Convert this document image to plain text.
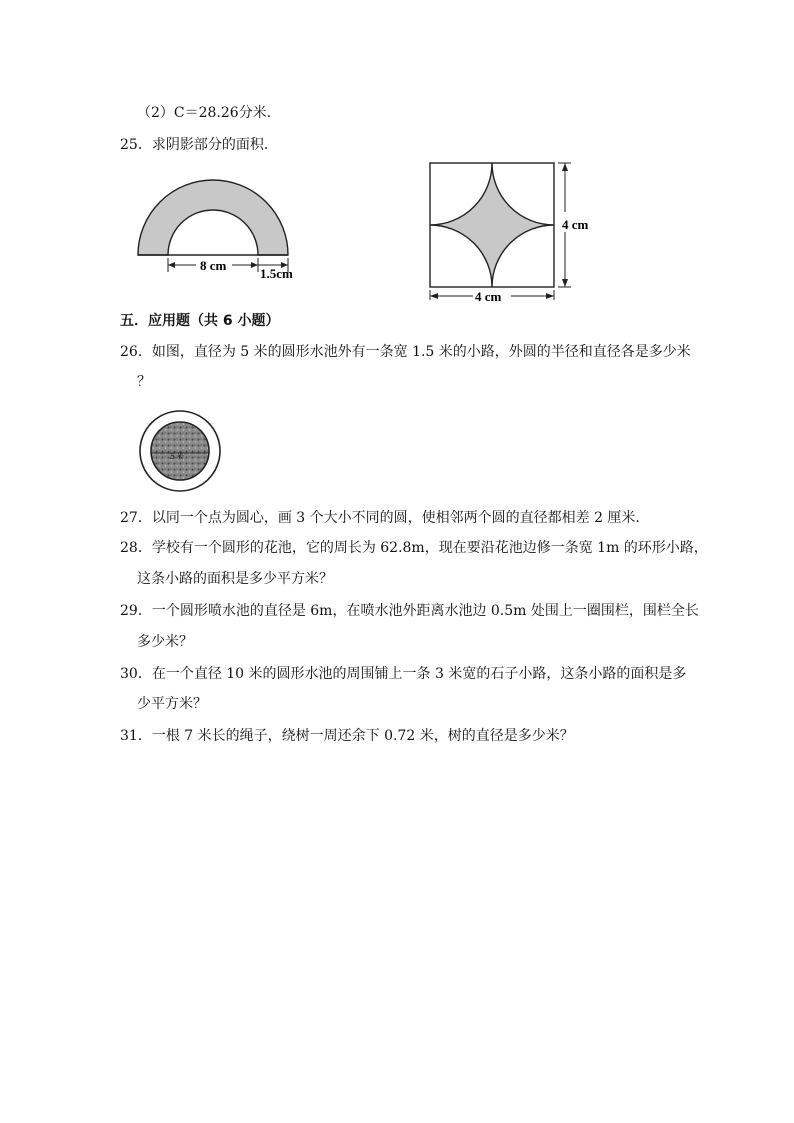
（2）C＝28.26分米．
25．求阴影部分的面积．
8 cm
1.5cm
4 cm
4 cm
五．应用题（共 6 小题）
26．如图，直径为 5 米的圆形水池外有一条宽 1.5 米的小路，外圆的半径和直径各是多少米
？
5米
27．以同一个点为圆心，画 3 个大小不同的圆，使相邻两个圆的直径都相差 2 厘米．
28．学校有一个圆形的花池，它的周长为 62.8m，现在要沿花池边修一条宽 1m 的环形小路，
这条小路的面积是多少平方米？
29．一个圆形喷水池的直径是 6m，在喷水池外距离水池边 0.5m 处围上一圈围栏，围栏全长
多少米？
30．在一个直径 10 米的圆形水池的周围铺上一条 3 米宽的石子小路，这条小路的面积是多
少平方米？
31．一根 7 米长的绳子，绕树一周还余下 0.72 米，树的直径是多少米？
